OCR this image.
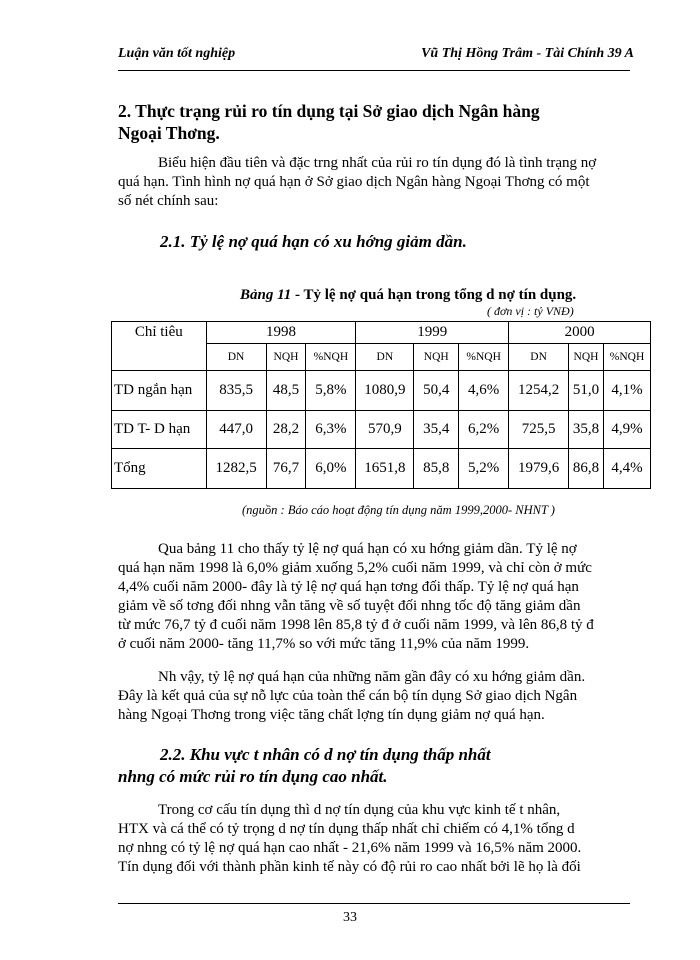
Luận văn tốt nghiệp	Vũ Thị Hồng Trâm - Tài Chính 39 A
2. Thực trạng rủi ro tín dụng tại Sở giao dịch Ngân hàng
Ngoại Thơng.
Biểu hiện đầu tiên và đặc trng nhất của rủi ro tín dụng đó là tình trạng nợ
quá hạn. Tình hình nợ quá hạn ở Sở giao dịch Ngân hàng Ngoại Thơng có một
số nét chính sau:
2.1. Tỷ lệ nợ quá hạn có xu hớng giảm dần.
Bảng 11 - Tỷ lệ nợ quá hạn trong tổng d nợ tín dụng.
( đơn vị : tỷ VNĐ)
Chỉ tiêu	1998			1999			2000		
	DN	NQH	%NQH	DN	NQH	%NQH	DN	NQH	%NQH
TD ngắn hạn	835,5	48,5	5,8%	1080,9	50,4	4,6%	1254,2	51,0	4,1%
TD T- D hạn	447,0	28,2	6,3%	570,9	35,4	6,2%	725,5	35,8	4,9%
Tổng	1282,5	76,7	6,0%	1651,8	85,8	5,2%	1979,6	86,8	4,4%
(nguồn : Báo cáo hoạt động tín dụng năm 1999,2000- NHNT )
Qua bảng 11 cho thấy tỷ lệ nợ quá hạn có xu hớng giảm dần. Tỷ lệ nợ
quá hạn năm 1998 là 6,0% giảm xuống 5,2% cuối năm 1999, và chỉ còn ở mức
4,4% cuối năm 2000- đây là tỷ lệ nợ quá hạn tơng đối thấp. Tỷ lệ nợ quá hạn
giảm về số tơng đối nhng vẫn tăng về số tuyệt đối nhng tốc độ tăng giảm dần
từ mức 76,7 tỷ đ cuối năm 1998 lên 85,8 tỷ đ ở cuối năm 1999, và lên 86,8 tỷ đ
ở cuối năm 2000- tăng 11,7% so với mức tăng 11,9% của năm 1999.
Nh vậy, tỷ lệ nợ quá hạn của những năm gần đây có xu hớng giảm dần.
Đây là kết quả của sự nỗ lực của toàn thể cán bộ tín dụng Sở giao dịch Ngân
hàng Ngoại Thơng trong việc tăng chất lợng tín dụng giảm nợ quá hạn.
2.2. Khu vực t nhân có d nợ tín dụng thấp nhất
nhng có mức rủi ro tín dụng cao nhất.
Trong cơ cấu tín dụng thì d nợ tín dụng của khu vực kinh tế t nhân,
HTX và cá thể có tỷ trọng d nợ tín dụng thấp nhất chỉ chiếm có 4,1% tổng d
nợ nhng có tỷ lệ nợ quá hạn cao nhất - 21,6% năm 1999 và 16,5% năm 2000.
Tín dụng đối với thành phần kinh tế này có độ rủi ro cao nhất bởi lẽ họ là đối
33
